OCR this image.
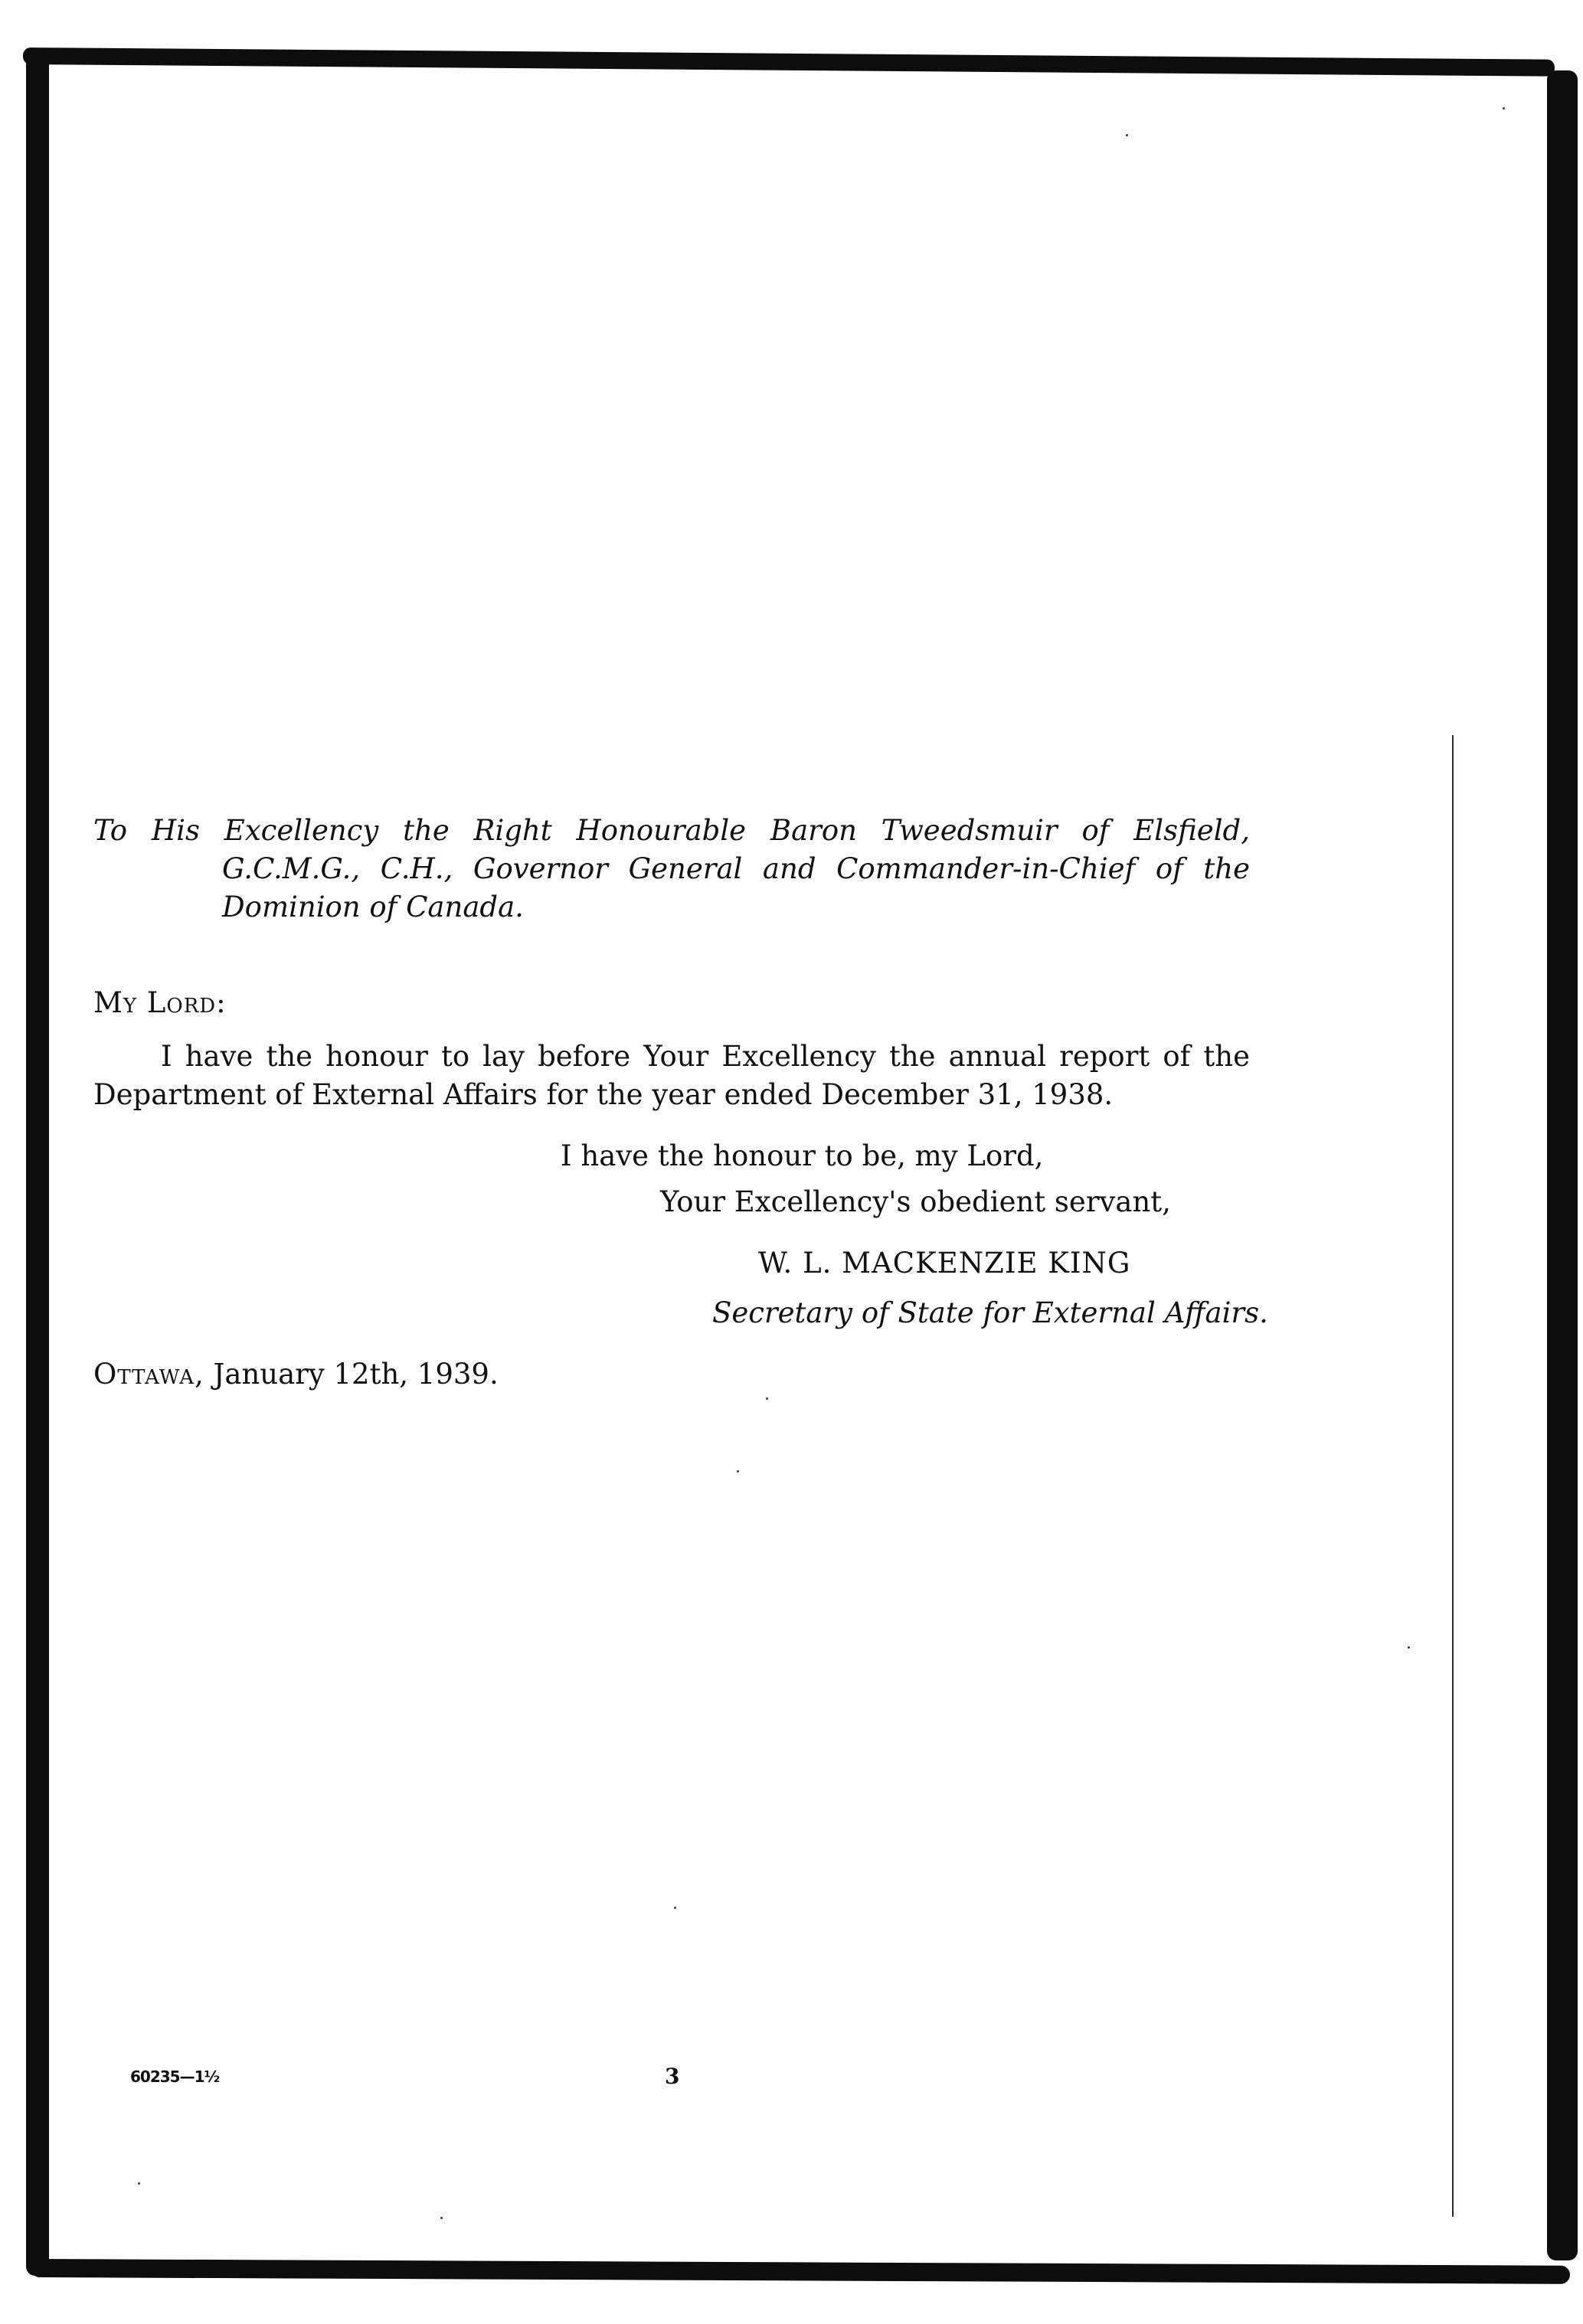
To His Excellency the Right Honourable Baron Tweedsmuir of Elsfield,
G.C.M.G., C.H., Governor General and Commander-in-Chief of the
Dominion of Canada.
My Lord:
I have the honour to lay before Your Excellency the annual report of the
Department of External Affairs for the year ended December 31, 1938.
I have the honour to be, my Lord,
Your Excellency's obedient servant,
W. L. MACKENZIE KING
Secretary of State for External Affairs.
Ottawa, January 12th, 1939.
60235—1½	3
